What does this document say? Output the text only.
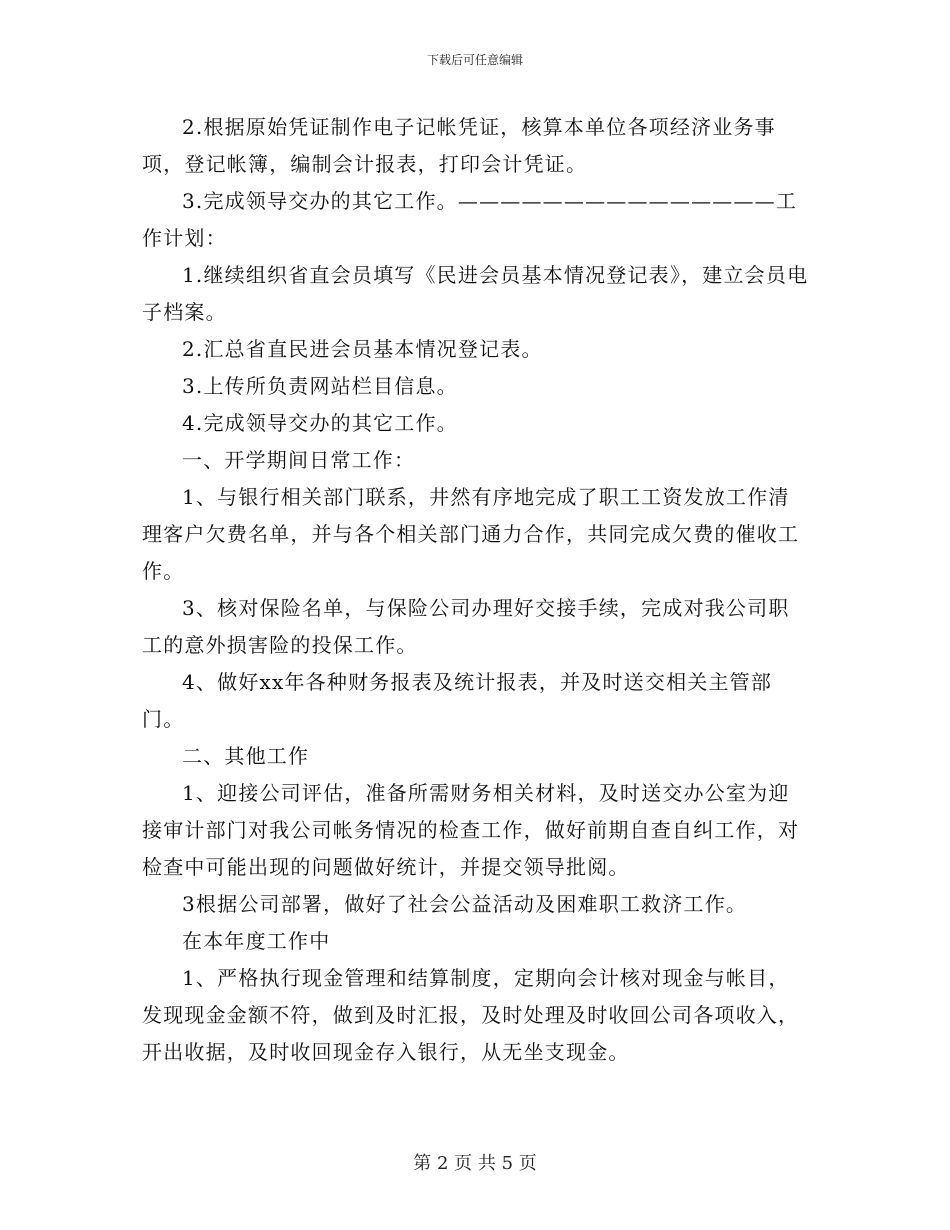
下载后可任意编辑

2.根据原始凭证制作电子记帐凭证，核算本单位各项经济业务事项，登记帐簿，编制会计报表，打印会计凭证。

3.完成领导交办的其它工作。———————————————工作计划：

1.继续组织省直会员填写《民进会员基本情况登记表》，建立会员电子档案。

2.汇总省直民进会员基本情况登记表。

3.上传所负责网站栏目信息。

4.完成领导交办的其它工作。

一、开学期间日常工作：

1、与银行相关部门联系，井然有序地完成了职工工资发放工作清理客户欠费名单，并与各个相关部门通力合作，共同完成欠费的催收工作。

3、核对保险名单，与保险公司办理好交接手续，完成对我公司职工的意外损害险的投保工作。

4、做好xx年各种财务报表及统计报表，并及时送交相关主管部门。

二、其他工作

1、迎接公司评估，准备所需财务相关材料，及时送交办公室为迎接审计部门对我公司帐务情况的检查工作，做好前期自查自纠工作，对检查中可能出现的问题做好统计，并提交领导批阅。

3根据公司部署，做好了社会公益活动及困难职工救济工作。

在本年度工作中

1、严格执行现金管理和结算制度，定期向会计核对现金与帐目，发现现金金额不符，做到及时汇报，及时处理及时收回公司各项收入，开出收据，及时收回现金存入银行，从无坐支现金。

第 2 页 共 5 页
